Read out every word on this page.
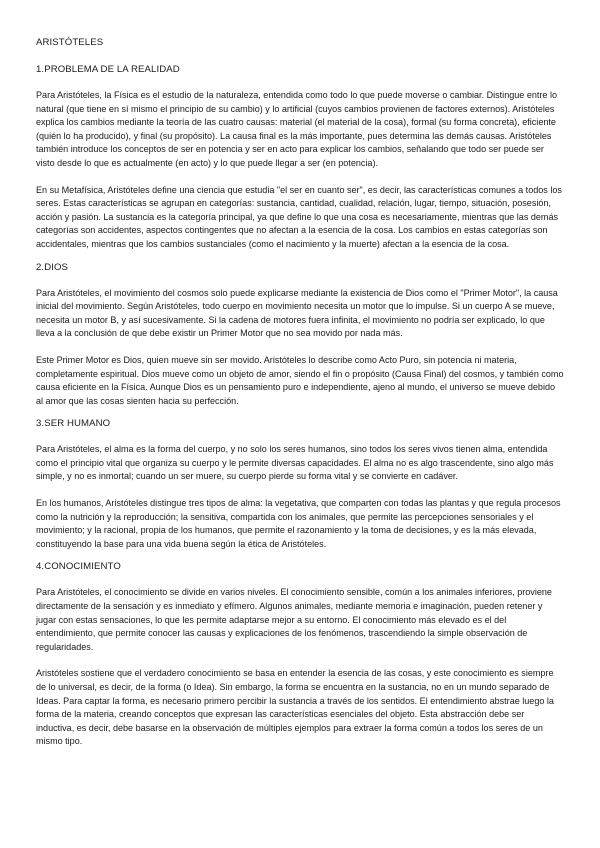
ARISTÓTELES
1.PROBLEMA DE LA REALIDAD

Para Aristóteles, la Física es el estudio de la naturaleza, entendida como todo lo que puede moverse o cambiar. Distingue entre lo natural (que tiene en sí mismo el principio de su cambio) y lo artificial (cuyos cambios provienen de factores externos). Aristóteles explica los cambios mediante la teoría de las cuatro causas: material (el material de la cosa), formal (su forma concreta), eficiente (quién lo ha producido), y final (su propósito). La causa final es la más importante, pues determina las demás causas. Aristóteles también introduce los conceptos de ser en potencia y ser en acto para explicar los cambios, señalando que todo ser puede ser visto desde lo que es actualmente (en acto) y lo que puede llegar a ser (en potencia).

En su Metafísica, Aristóteles define una ciencia que estudia "el ser en cuanto ser", es decir, las características comunes a todos los seres. Estas características se agrupan en categorías: sustancia, cantidad, cualidad, relación, lugar, tiempo, situación, posesión, acción y pasión. La sustancia es la categoría principal, ya que define lo que una cosa es necesariamente, mientras que las demás categorías son accidentes, aspectos contingentes que no afectan a la esencia de la cosa. Los cambios en estas categorías son accidentales, mientras que los cambios sustanciales (como el nacimiento y la muerte) afectan a la esencia de la cosa.

2.DIOS

Para Aristóteles, el movimiento del cosmos solo puede explicarse mediante la existencia de Dios como el "Primer Motor", la causa inicial del movimiento. Según Aristóteles, todo cuerpo en movimiento necesita un motor que lo impulse. Si un cuerpo A se mueve, necesita un motor B, y así sucesivamente. Si la cadena de motores fuera infinita, el movimiento no podría ser explicado, lo que lleva a la conclusión de que debe existir un Primer Motor que no sea movido por nada más.

Este Primer Motor es Dios, quien mueve sin ser movido. Aristóteles lo describe como Acto Puro, sin potencia ni materia, completamente espiritual. Dios mueve como un objeto de amor, siendo el fin o propósito (Causa Final) del cosmos, y también como causa eficiente en la Física. Aunque Dios es un pensamiento puro e independiente, ajeno al mundo, el universo se mueve debido al amor que las cosas sienten hacia su perfección.

3.SER HUMANO

Para Aristóteles, el alma es la forma del cuerpo, y no solo los seres humanos, sino todos los seres vivos tienen alma, entendida como el principio vital que organiza su cuerpo y le permite diversas capacidades. El alma no es algo trascendente, sino algo más simple, y no es inmortal; cuando un ser muere, su cuerpo pierde su forma vital y se convierte en cadáver.

En los humanos, Aristóteles distingue tres tipos de alma: la vegetativa, que comparten con todas las plantas y que regula procesos como la nutrición y la reproducción; la sensitiva, compartida con los animales, que permite las percepciones sensoriales y el movimiento; y la racional, propia de los humanos, que permite el razonamiento y la toma de decisiones, y es la más elevada, constituyendo la base para una vida buena según la ética de Aristóteles.

4.CONOCIMIENTO

Para Aristóteles, el conocimiento se divide en varios niveles. El conocimiento sensible, común a los animales inferiores, proviene directamente de la sensación y es inmediato y efímero. Algunos animales, mediante memoria e imaginación, pueden retener y jugar con estas sensaciones, lo que les permite adaptarse mejor a su entorno. El conocimiento más elevado es el del entendimiento, que permite conocer las causas y explicaciones de los fenómenos, trascendiendo la simple observación de regularidades.

Aristóteles sostiene que el verdadero conocimiento se basa en entender la esencia de las cosas, y este conocimiento es siempre de lo universal, es decir, de la forma (o Idea). Sin embargo, la forma se encuentra en la sustancia, no en un mundo separado de Ideas. Para captar la forma, es necesario primero percibir la sustancia a través de los sentidos. El entendimiento abstrae luego la forma de la materia, creando conceptos que expresan las características esenciales del objeto. Esta abstracción debe ser inductiva, es decir, debe basarse en la observación de múltiples ejemplos para extraer la forma común a todos los seres de un mismo tipo.
